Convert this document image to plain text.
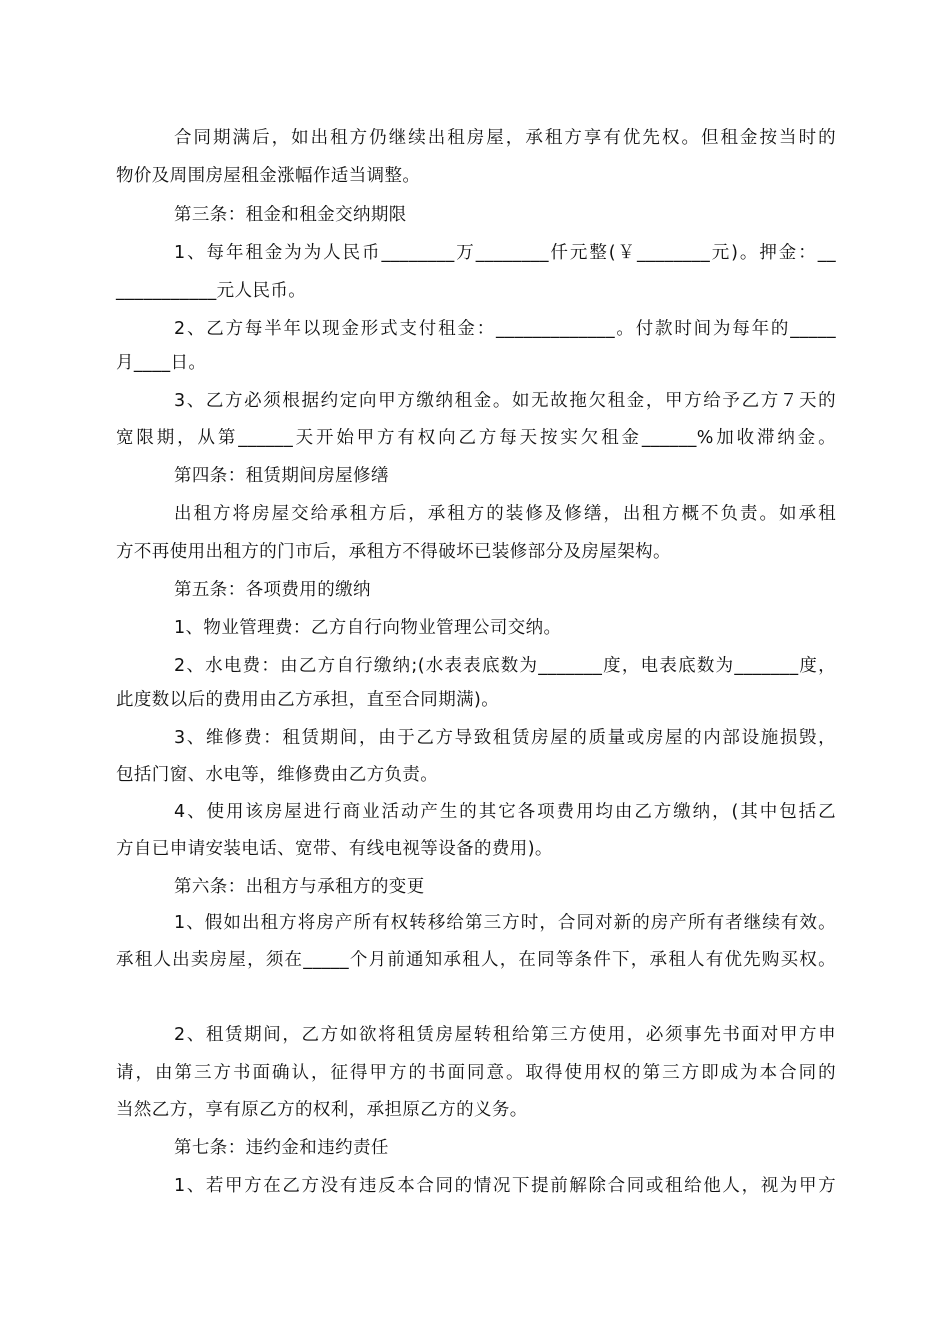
合同期满后，如出租方仍继续出租房屋，承租方享有优先权。但租金按当时的
物价及周围房屋租金涨幅作适当调整。
第三条：租金和租金交纳期限
1、每年租金为为人民币________万________仟元整(￥________元)。押金：__
___________元人民币。
2、乙方每半年以现金形式支付租金：_____________。付款时间为每年的_____
月____日。
3、乙方必须根据约定向甲方缴纳租金。如无故拖欠租金，甲方给予乙方７天的
宽限期，从第______天开始甲方有权向乙方每天按实欠租金______%加收滞纳金。
第四条：租赁期间房屋修缮
出租方将房屋交给承租方后，承租方的装修及修缮，出租方概不负责。如承租
方不再使用出租方的门市后，承租方不得破坏已装修部分及房屋架构。
第五条：各项费用的缴纳
1、物业管理费：乙方自行向物业管理公司交纳。
2、水电费：由乙方自行缴纳;(水表表底数为_______度，电表底数为_______度，
此度数以后的费用由乙方承担，直至合同期满)。
3、维修费：租赁期间，由于乙方导致租赁房屋的质量或房屋的内部设施损毁，
包括门窗、水电等，维修费由乙方负责。
4、使用该房屋进行商业活动产生的其它各项费用均由乙方缴纳，(其中包括乙
方自已申请安装电话、宽带、有线电视等设备的费用)。
第六条：出租方与承租方的变更
1、假如出租方将房产所有权转移给第三方时，合同对新的房产所有者继续有效。
承租人出卖房屋，须在_____个月前通知承租人，在同等条件下，承租人有优先购买权。
2、租赁期间，乙方如欲将租赁房屋转租给第三方使用，必须事先书面对甲方申
请，由第三方书面确认，征得甲方的书面同意。取得使用权的第三方即成为本合同的
当然乙方，享有原乙方的权利，承担原乙方的义务。
第七条：违约金和违约责任
1、若甲方在乙方没有违反本合同的情况下提前解除合同或租给他人，视为甲方
